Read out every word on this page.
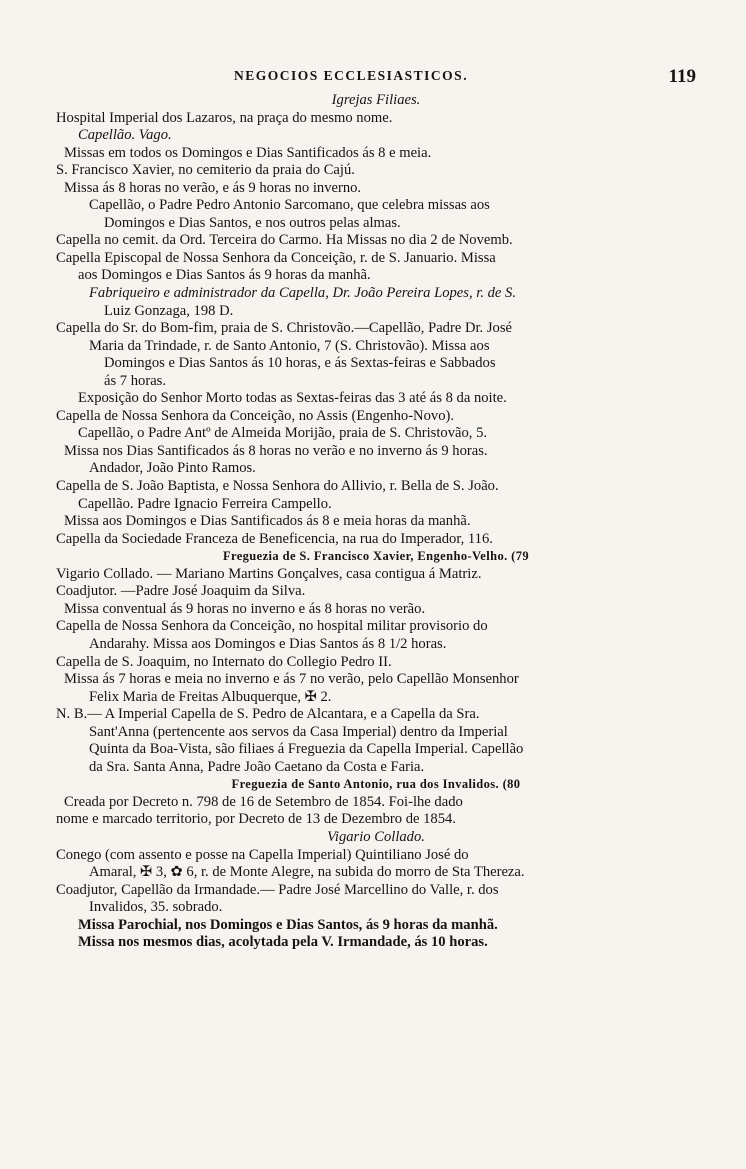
NEGOCIOS ECCLESIASTICOS.	119
Igrejas Filiaes.
Hospital Imperial dos Lazaros, na praça do mesmo nome.
Capellão. Vago.
Missas em todos os Domingos e Dias Santificados ás 8 e meia.
S. Francisco Xavier, no cemiterio da praia do Cajú.
Missa ás 8 horas no verão, e ás 9 horas no inverno.
Capellão, o Padre Pedro Antonio Sarcomano, que celebra missas aos
Domingos e Dias Santos, e nos outros pelas almas.
Capella no cemit. da Ord. Terceira do Carmo. Ha Missas no dia 2 de Novemb.
Capella Episcopal de Nossa Senhora da Conceição, r. de S. Januario. Missa
aos Domingos e Dias Santos ás 9 horas da manhã.
Fabriqueiro e administrador da Capella, Dr. João Pereira Lopes, r. de S.
Luiz Gonzaga, 198 D.
Capella do Sr. do Bom-fim, praia de S. Christovão.—Capellão, Padre Dr. José
Maria da Trindade, r. de Santo Antonio, 7 (S. Christovão). Missa aos
Domingos e Dias Santos ás 10 horas, e ás Sextas-feiras e Sabbados
ás 7 horas.
Exposição do Senhor Morto todas as Sextas-feiras das 3 até ás 8 da noite.
Capella de Nossa Senhora da Conceição, no Assis (Engenho-Novo).
Capellão, o Padre Antº de Almeida Morijão, praia de S. Christovão, 5.
Missa nos Dias Santificados ás 8 horas no verão e no inverno ás 9 horas.
Andador, João Pinto Ramos.
Capella de S. João Baptista, e Nossa Senhora do Allivio, r. Bella de S. João.
Capellão. Padre Ignacio Ferreira Campello.
Missa aos Domingos e Dias Santificados ás 8 e meia horas da manhã.
Capella da Sociedade Franceza de Beneficencia, na rua do Imperador, 116.
Freguezia de S. Francisco Xavier, Engenho-Velho. (79
Vigario Collado. — Mariano Martins Gonçalves, casa contigua á Matriz.
Coadjutor. —Padre José Joaquim da Silva.
Missa conventual ás 9 horas no inverno e ás 8 horas no verão.
Capella de Nossa Senhora da Conceição, no hospital militar provisorio do
Andarahy. Missa aos Domingos e Dias Santos ás 8 1/2 horas.
Capella de S. Joaquim, no Internato do Collegio Pedro II.
Missa ás 7 horas e meia no inverno e ás 7 no verão, pelo Capellão Monsenhor
Felix Maria de Freitas Albuquerque, ✠ 2.
N. B.— A Imperial Capella de S. Pedro de Alcantara, e a Capella da Sra.
Sant'Anna (pertencente aos servos da Casa Imperial) dentro da Imperial
Quinta da Boa-Vista, são filiaes á Freguezia da Capella Imperial. Capellão
da Sra. Santa Anna, Padre João Caetano da Costa e Faria.
Freguezia de Santo Antonio, rua dos Invalidos. (80
Creada por Decreto n. 798 de 16 de Setembro de 1854. Foi-lhe dado
nome e marcado territorio, por Decreto de 13 de Dezembro de 1854.
Vigario Collado.
Conego (com assento e posse na Capella Imperial) Quintiliano José do
Amaral, ✠ 3, ✿ 6, r. de Monte Alegre, na subida do morro de Sta Thereza.
Coadjutor, Capellão da Irmandade.— Padre José Marcellino do Valle, r. dos
Invalidos, 35. sobrado.
Missa Parochial, nos Domingos e Dias Santos, ás 9 horas da manhã.
Missa nos mesmos dias, acolytada pela V. Irmandade, ás 10 horas.
